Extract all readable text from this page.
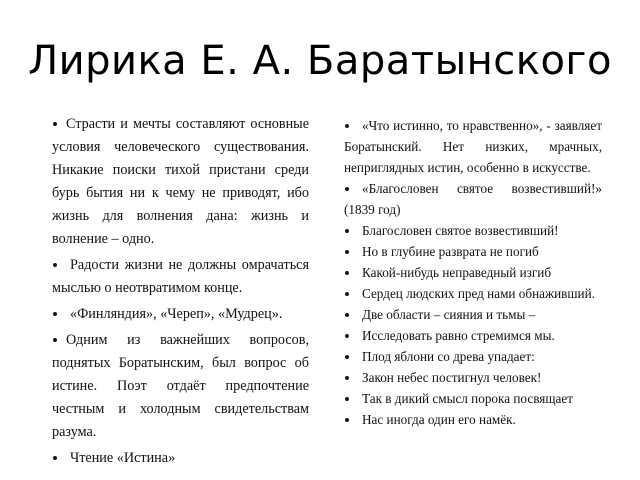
Лирика Е. А. Баратынского

Страсти и мечты составляют основные условия человеческого существования. Никакие поиски тихой пристани среди бурь бытия ни к чему не приводят, ибо жизнь для волнения дана: жизнь и волнение – одно.

Радости жизни не должны омрачаться мыслью о неотвратимом конце.

«Финляндия», «Череп», «Мудрец».

Одним из важнейших вопросов, поднятых Боратынским, был вопрос об истине. Поэт отдаёт предпочтение честным и холодным свидетельствам разума.

Чтение «Истина»

«Что истинно, то нравственно», - заявляет Боратынский. Нет низких, мрачных, неприглядных истин, особенно в искусстве.

«Благословен святое возвестивший!» (1839 год)

Благословен святое возвестивший!

Но в глубине разврата не погиб

Какой-нибудь неправедный изгиб

Сердец людских пред нами обнаживший.

Две области – сияния и тьмы –

Исследовать равно стремимся мы.

Плод яблони со древа упадает:

Закон небес постигнул человек!

Так в дикий смысл порока посвящает

Нас иногда один его намёк.
